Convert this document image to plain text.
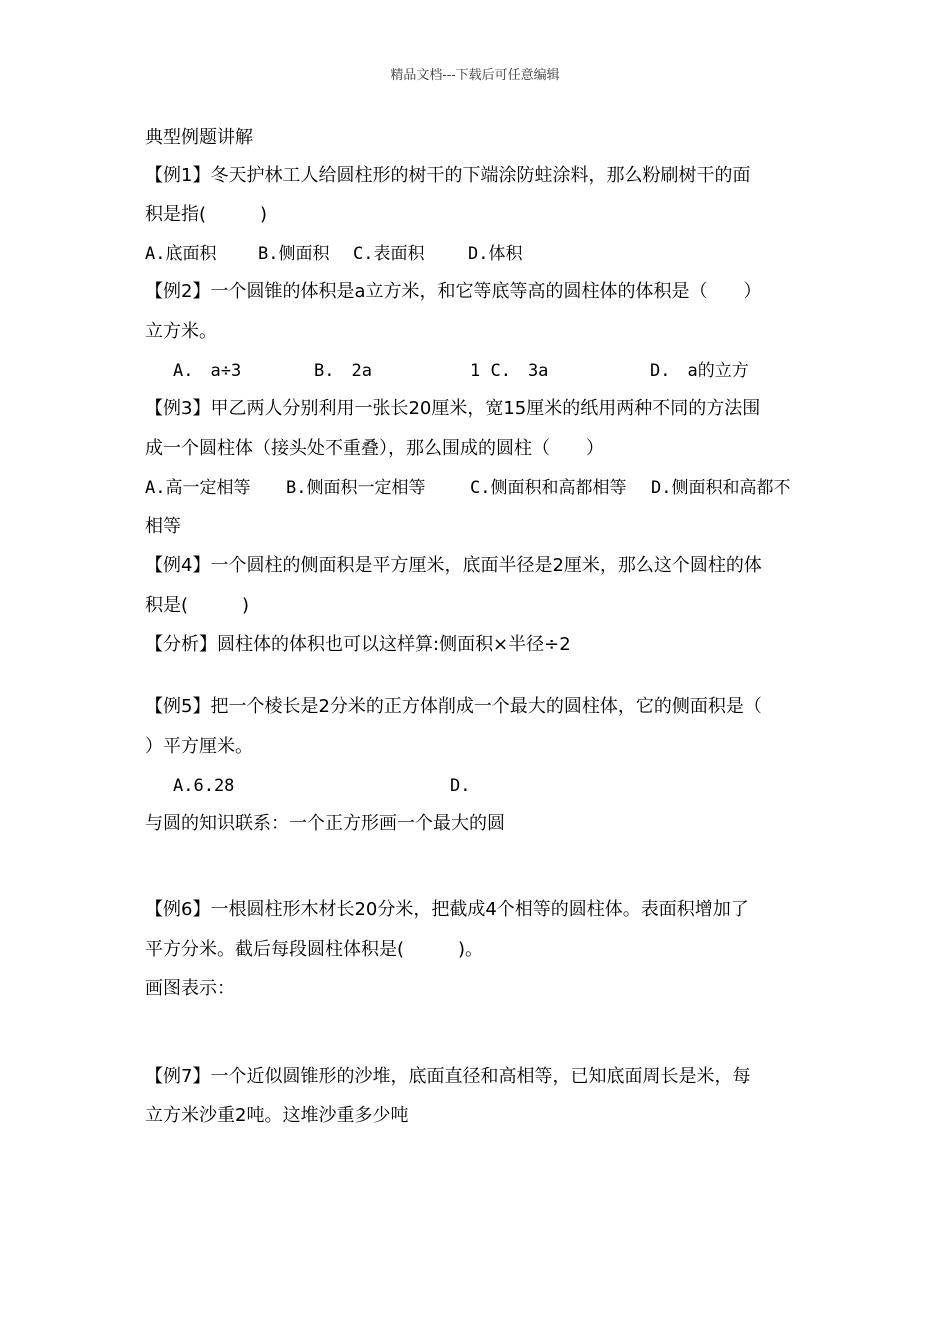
精品文档---下载后可任意编辑

典型例题讲解

【例1】冬天护林工人给圆柱形的树干的下端涂防蛀涂料，那么粉刷树干的面

积是指(　　　)

A.底面积 B.侧面积 C.表面积	D.体积

【例2】一个圆锥的体积是a立方米，和它等底等高的圆柱体的体积是（　　）

立方米。

A.　a÷3	B.　2a	1 C.　3a	D.　a的立方

【例3】甲乙两人分别利用一张长20厘米，宽15厘米的纸用两种不同的方法围

成一个圆柱体（接头处不重叠），那么围成的圆柱（　　）

A.高一定相等 B.侧面积一定相等	C.侧面积和高都相等 D.侧面积和高都不

相等

【例4】一个圆柱的侧面积是平方厘米，底面半径是2厘米，那么这个圆柱的体

积是(　　　)

【分析】圆柱体的体积也可以这样算:侧面积×半径÷2

【例5】把一个棱长是2分米的正方体削成一个最大的圆柱体，它的侧面积是（

）平方厘米。

A.6.28	D.

与圆的知识联系：一个正方形画一个最大的圆

【例6】一根圆柱形木材长20分米，把截成4个相等的圆柱体。表面积增加了

平方分米。截后每段圆柱体积是(　　　)。

画图表示：

【例7】一个近似圆锥形的沙堆，底面直径和高相等，已知底面周长是米，每

立方米沙重2吨。这堆沙重多少吨
